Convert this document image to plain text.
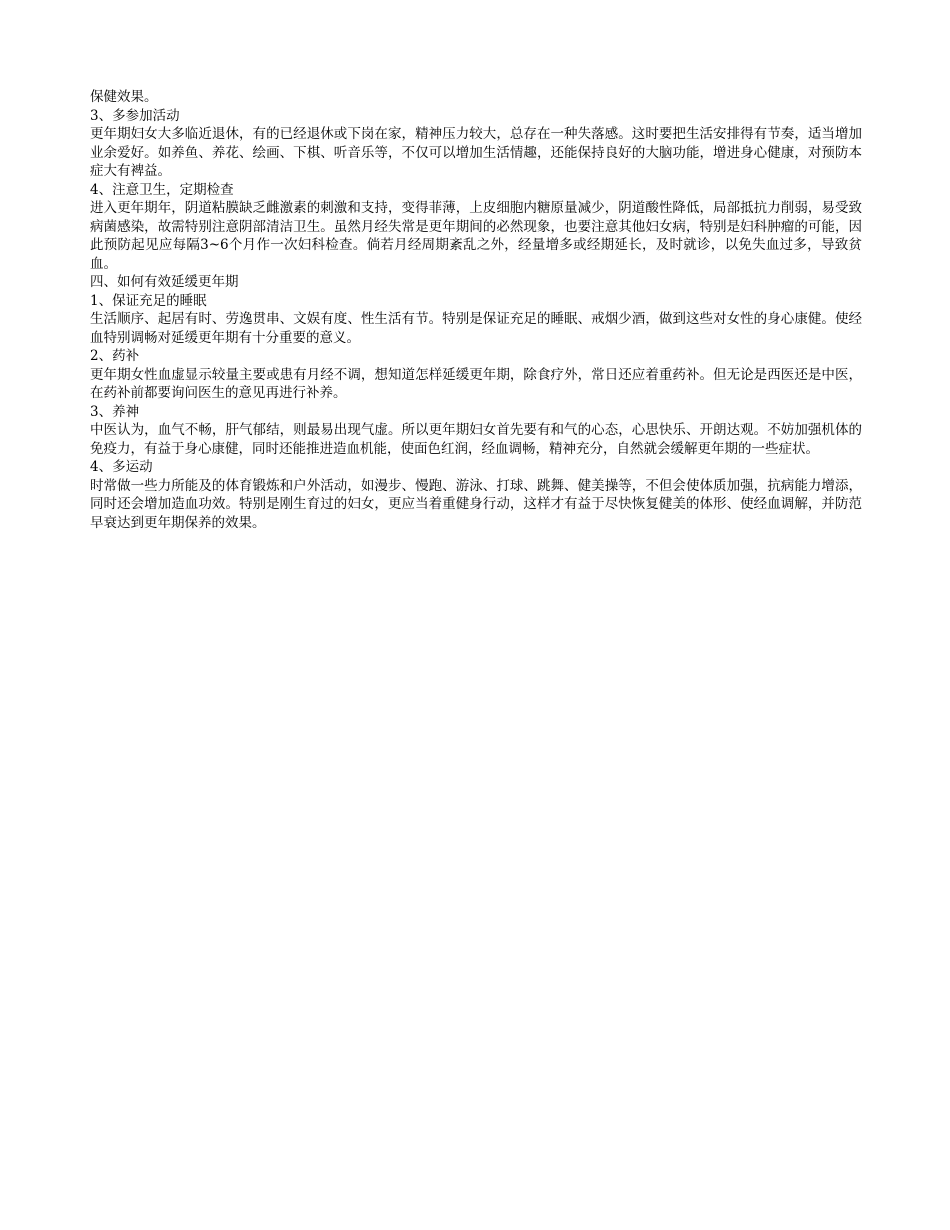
保健效果。

3、多参加活动

更年期妇女大多临近退休，有的已经退休或下岗在家，精神压力较大，总存在一种失落感。这时要把生活安排得有节奏，适当增加业余爱好。如养鱼、养花、绘画、下棋、听音乐等，不仅可以增加生活情趣，还能保持良好的大脑功能，增进身心健康，对预防本症大有裨益。

4、注意卫生，定期检查

进入更年期年，阴道粘膜缺乏雌激素的刺激和支持，变得菲薄，上皮细胞内糖原量减少，阴道酸性降低，局部抵抗力削弱，易受致病菌感染，故需特别注意阴部清洁卫生。虽然月经失常是更年期间的必然现象，也要注意其他妇女病，特别是妇科肿瘤的可能，因此预防起见应每隔3~6个月作一次妇科检查。倘若月经周期紊乱之外，经量增多或经期延长，及时就诊，以免失血过多，导致贫血。

四、如何有效延缓更年期

1、保证充足的睡眠

生活顺序、起居有时、劳逸贯串、文娱有度、性生活有节。特别是保证充足的睡眠、戒烟少酒，做到这些对女性的身心康健。使经血特别调畅对延缓更年期有十分重要的意义。

2、药补

更年期女性血虚显示较量主要或患有月经不调，想知道怎样延缓更年期，除食疗外，常日还应着重药补。但无论是西医还是中医，在药补前都要询问医生的意见再进行补养。

3、养神

中医认为，血气不畅，肝气郁结，则最易出现气虚。所以更年期妇女首先要有和气的心态，心思快乐、开朗达观。不妨加强机体的免疫力，有益于身心康健，同时还能推进造血机能，使面色红润，经血调畅，精神充分，自然就会缓解更年期的一些症状。

4、多运动

时常做一些力所能及的体育锻炼和户外活动，如漫步、慢跑、游泳、打球、跳舞、健美操等，不但会使体质加强，抗病能力增添，同时还会增加造血功效。特别是刚生育过的妇女，更应当着重健身行动，这样才有益于尽快恢复健美的体形、使经血调解，并防范早衰达到更年期保养的效果。
